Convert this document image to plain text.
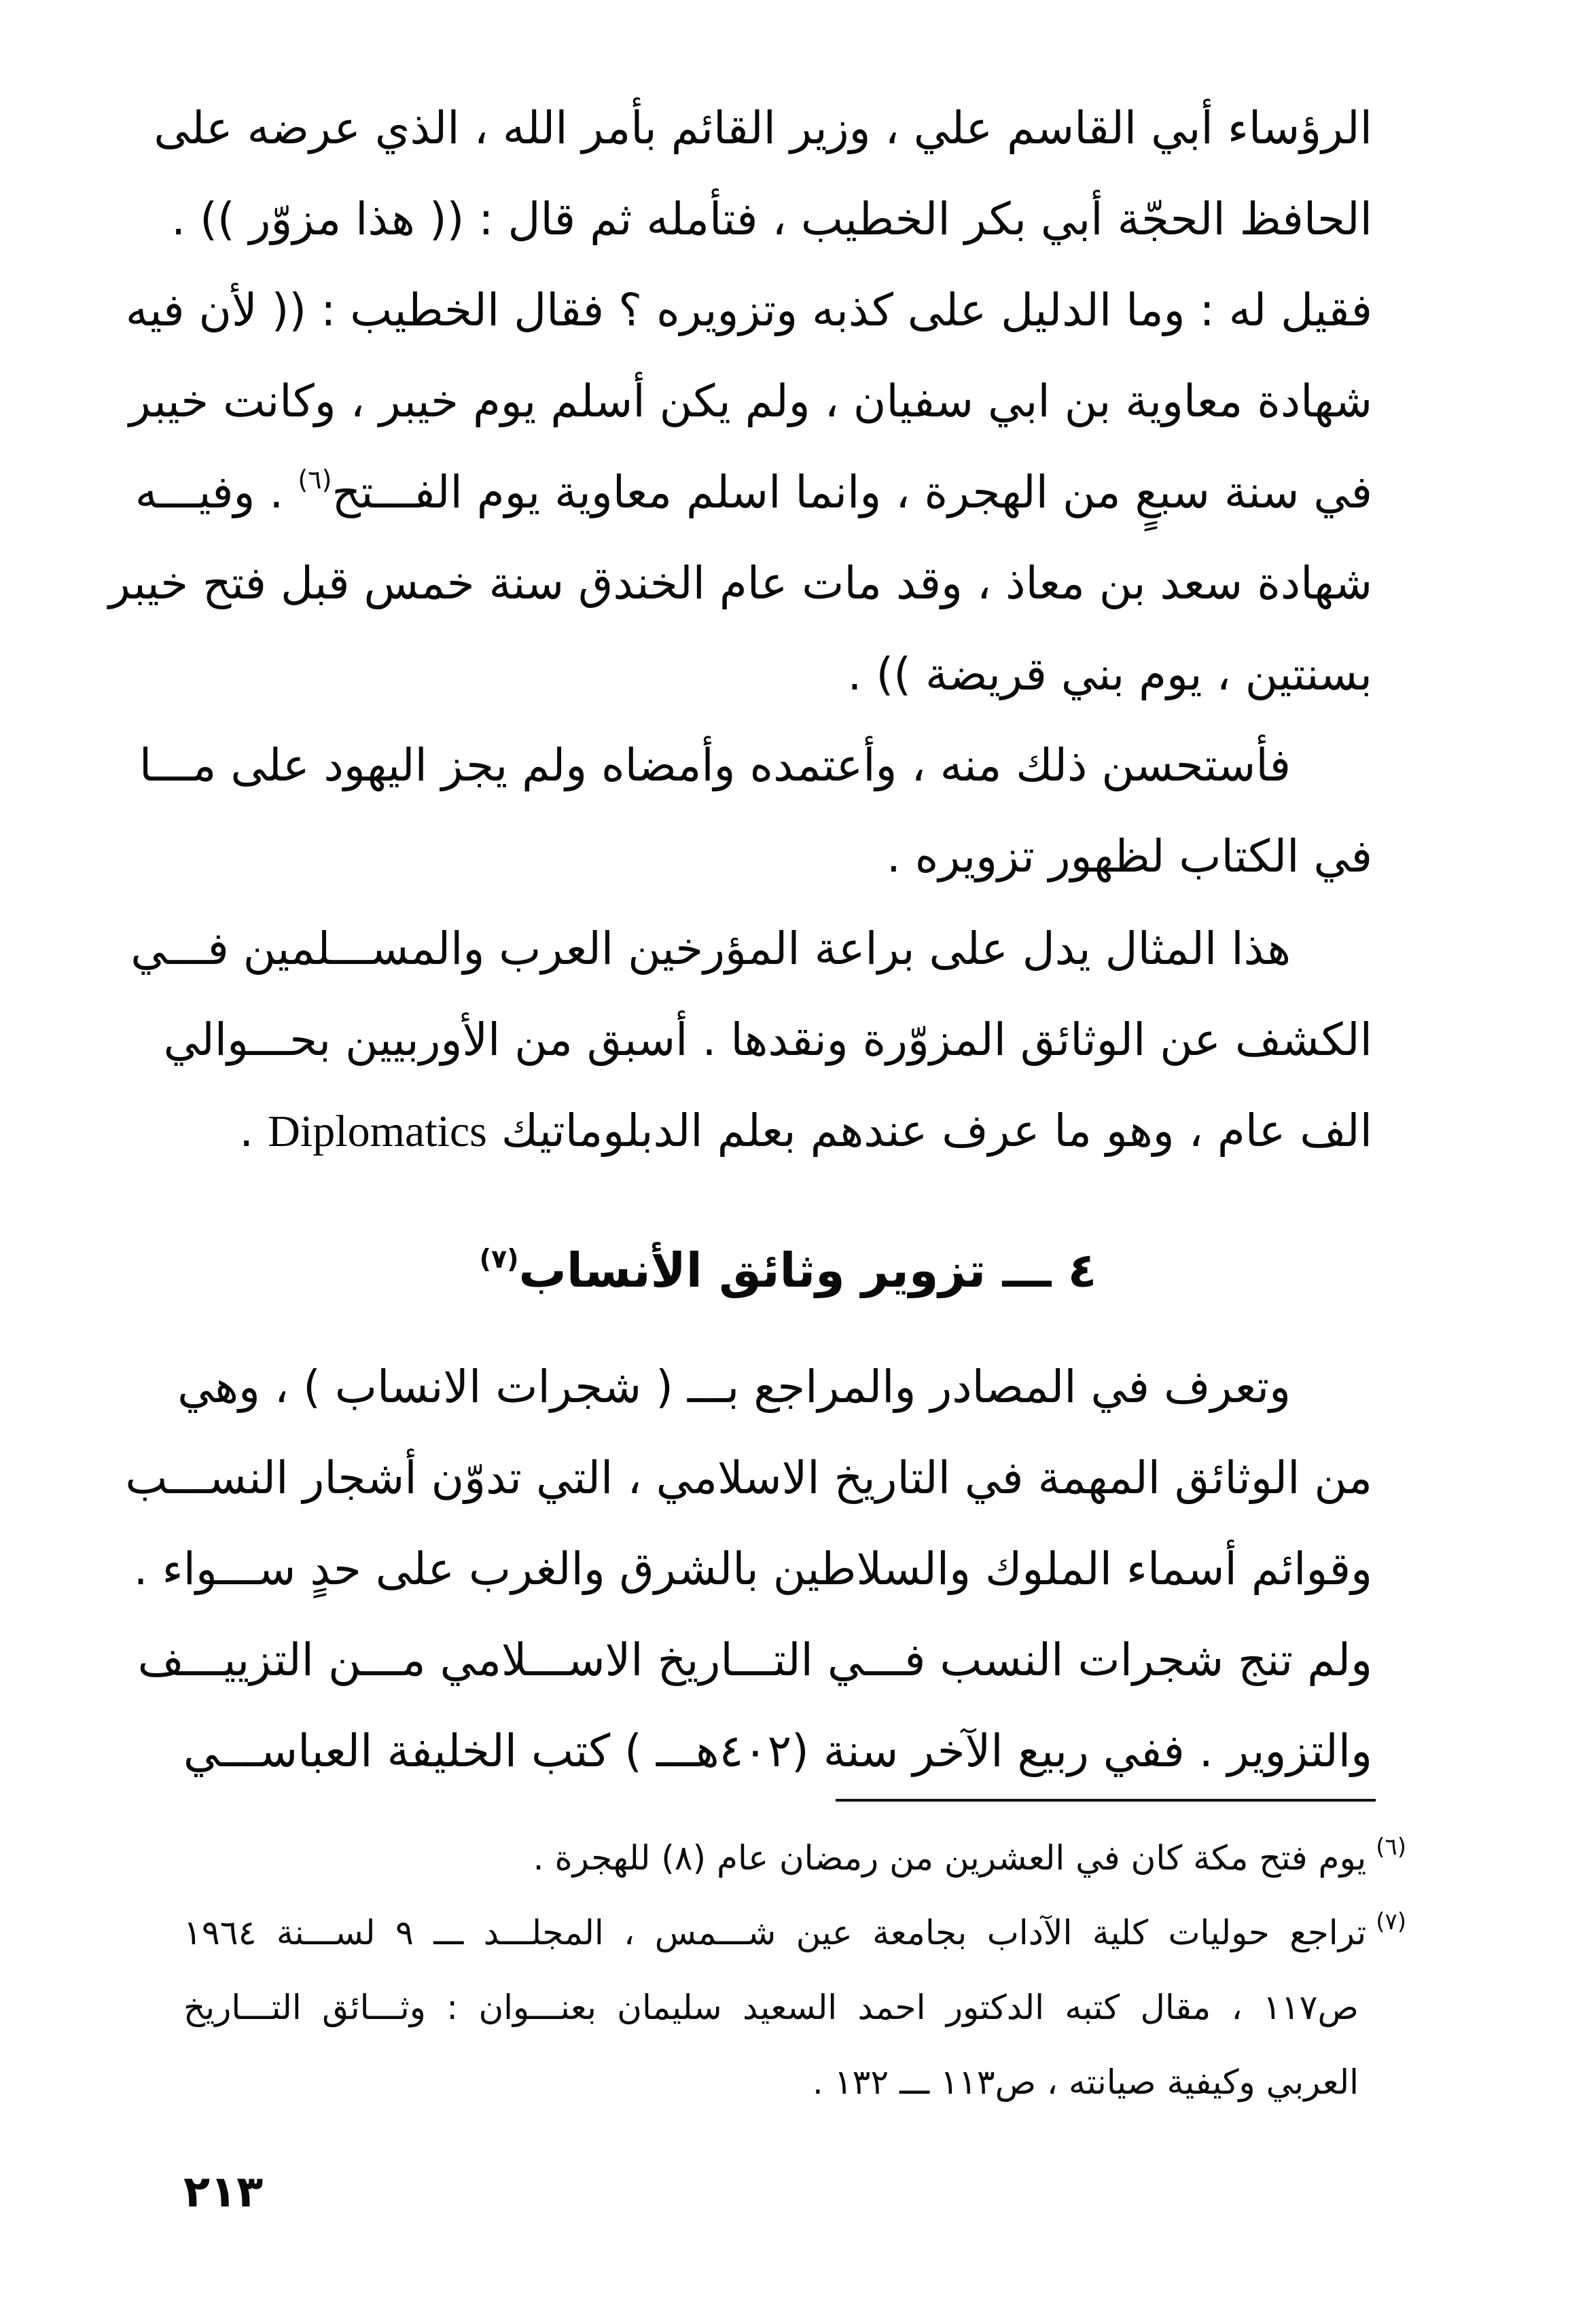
الرؤساء أبي القاسم علي ، وزير القائم بأمر الله ، الذي عرضه على
الحافظ الحجّة أبي بكر الخطيب ، فتأمله ثم قال : (( هذا مزوّر )) .
فقيل له : وما الدليل على كذبه وتزويره ؟ فقال الخطيب : (( لأن فيه
شهادة معاوية بن ابي سفيان ، ولم يكن أسلم يوم خيبر ، وكانت خيبر
في سنة سبعٍ من الهجرة ، وانما اسلم معاوية يوم الفـــتح$^{(٦)}$ . وفيـــه
شهادة سعد بن معاذ ، وقد مات عام الخندق سنة خمس قبل فتح خيبر
بسنتين ، يوم بني قريضة )) .
فأستحسن ذلك منه ، وأعتمده وأمضاه ولم يجز اليهود على مـــا
في الكتاب لظهور تزويره .
هذا المثال يدل على براعة المؤرخين العرب والمســـلمين فـــي
الكشف عن الوثائق المزوّرة ونقدها . أسبق من الأوربيين بحـــوالي
الف عام ، وهو ما عرف عندهم بعلم الدبلوماتيك Diplomatics .
٤ ـــ تزوير وثائق الأنساب$^{(٧)}$
وتعرف في المصادر والمراجع بـــ ( شجرات الانساب ) ، وهي
من الوثائق المهمة في التاريخ الاسلامي ، التي تدوّن أشجار النســـب
وقوائم أسماء الملوك والسلاطين بالشرق والغرب على حدٍ ســـواء .
ولم تنج شجرات النسب فـــي التـــاريخ الاســـلامي مـــن التزييـــف
والتزوير . ففي ربيع الآخر سنة (٤٠٢هـــ ) كتب الخليفة العباســـي
$^{(٦)}$يوم فتح مكة كان في العشرين من رمضان عام (٨) للهجرة .
$^{(٧)}$تراجع حوليات كلية الآداب بجامعة عين شـــمس ، المجلـــد ـــ ٩ لســـنة ١٩٦٤
ص١١٧ ، مقال كتبه الدكتور احمد السعيد سليمان بعنـــوان : وثـــائق التـــاريخ
العربي وكيفية صيانته ، ص١١٣ ـــ ١٣٢ .
٢١٣
